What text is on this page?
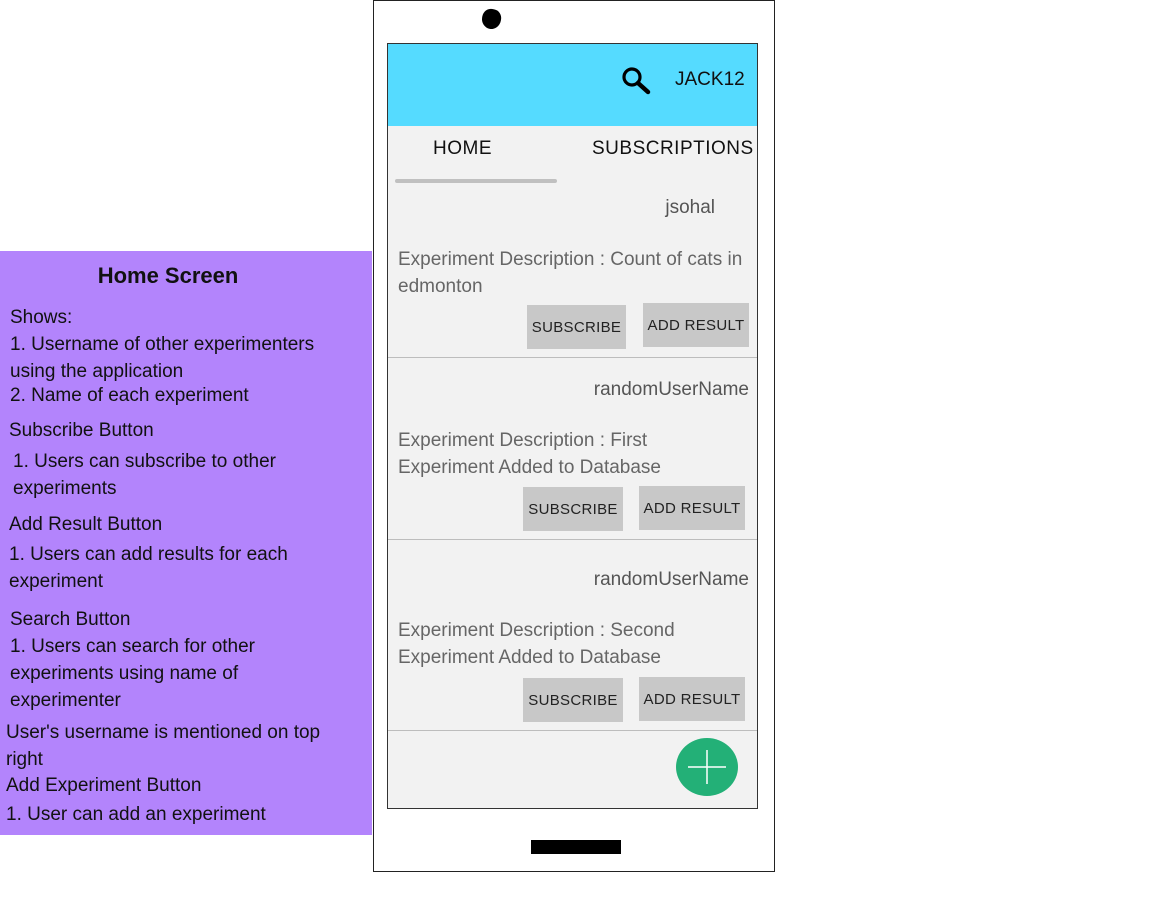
Home Screen
Shows:
1. Username of other experimenters
using the application
2. Name of each experiment
Subscribe Button
1. Users can subscribe to other
experiments
Add Result Button
1. Users can add results for each
experiment
Search Button
1. Users can search for other
experiments using name of
experimenter
User's username is mentioned on top
right
Add Experiment Button
1. User can add an experiment
JACK12
HOME	SUBSCRIPTIONS
jsohal
Experiment Description : Count of cats in edmonton
SUBSCRIBE	ADD RESULT
randomUserName
Experiment Description : First Experiment Added to Database
SUBSCRIBE	ADD RESULT
randomUserName
Experiment Description : Second Experiment Added to Database
SUBSCRIBE	ADD RESULT
